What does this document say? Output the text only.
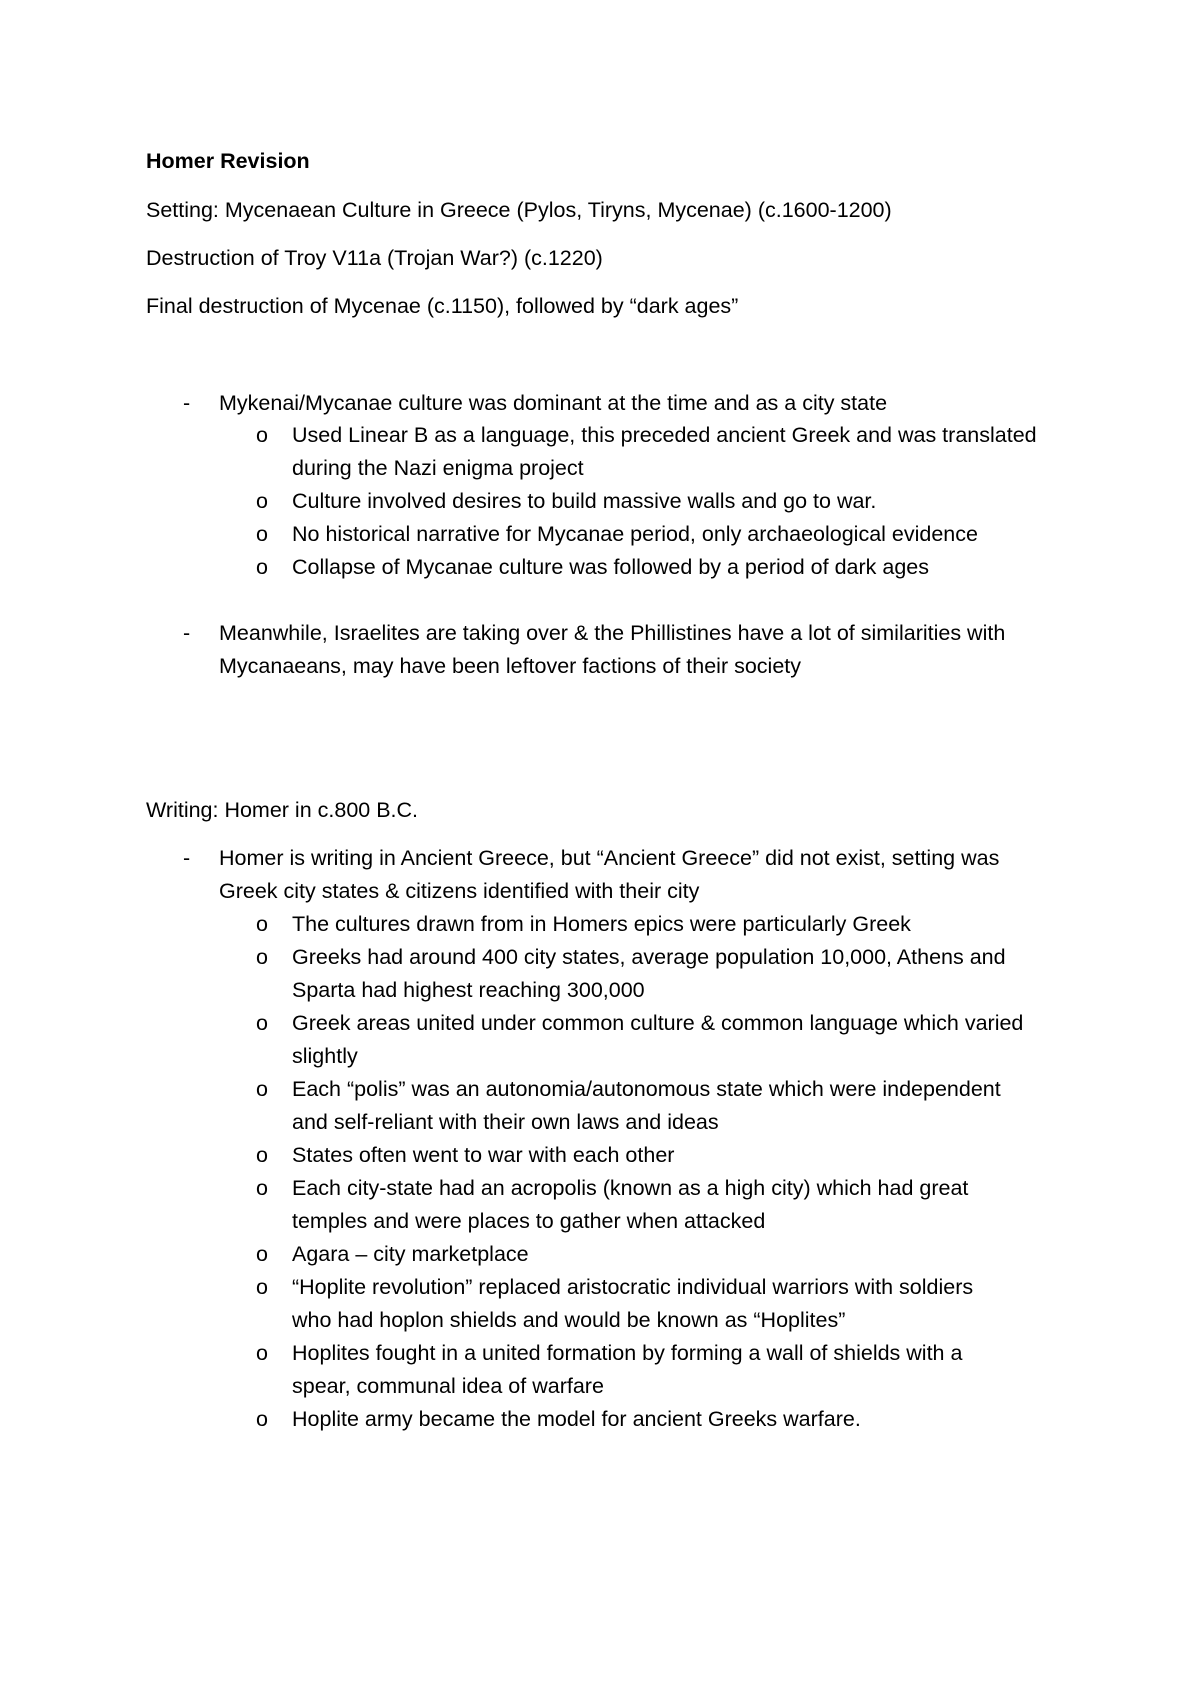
Homer Revision
Setting: Mycenaean Culture in Greece (Pylos, Tiryns, Mycenae) (c.1600-1200)
Destruction of Troy V11a (Trojan War?) (c.1220)
Final destruction of Mycenae (c.1150), followed by “dark ages”
- Mykenai/Mycanae culture was dominant at the time and as a city state
o Used Linear B as a language, this preceded ancient Greek and was translated
during the Nazi enigma project
o Culture involved desires to build massive walls and go to war.
o No historical narrative for Mycanae period, only archaeological evidence
o Collapse of Mycanae culture was followed by a period of dark ages
- Meanwhile, Israelites are taking over & the Phillistines have a lot of similarities with
Mycanaeans, may have been leftover factions of their society
Writing: Homer in c.800 B.C.
- Homer is writing in Ancient Greece, but “Ancient Greece” did not exist, setting was
Greek city states & citizens identified with their city
o The cultures drawn from in Homers epics were particularly Greek
o Greeks had around 400 city states, average population 10,000, Athens and
Sparta had highest reaching 300,000
o Greek areas united under common culture & common language which varied
slightly
o Each “polis” was an autonomia/autonomous state which were independent
and self-reliant with their own laws and ideas
o States often went to war with each other
o Each city-state had an acropolis (known as a high city) which had great
temples and were places to gather when attacked
o Agara – city marketplace
o “Hoplite revolution” replaced aristocratic individual warriors with soldiers
who had hoplon shields and would be known as “Hoplites”
o Hoplites fought in a united formation by forming a wall of shields with a
spear, communal idea of warfare
o Hoplite army became the model for ancient Greeks warfare.
